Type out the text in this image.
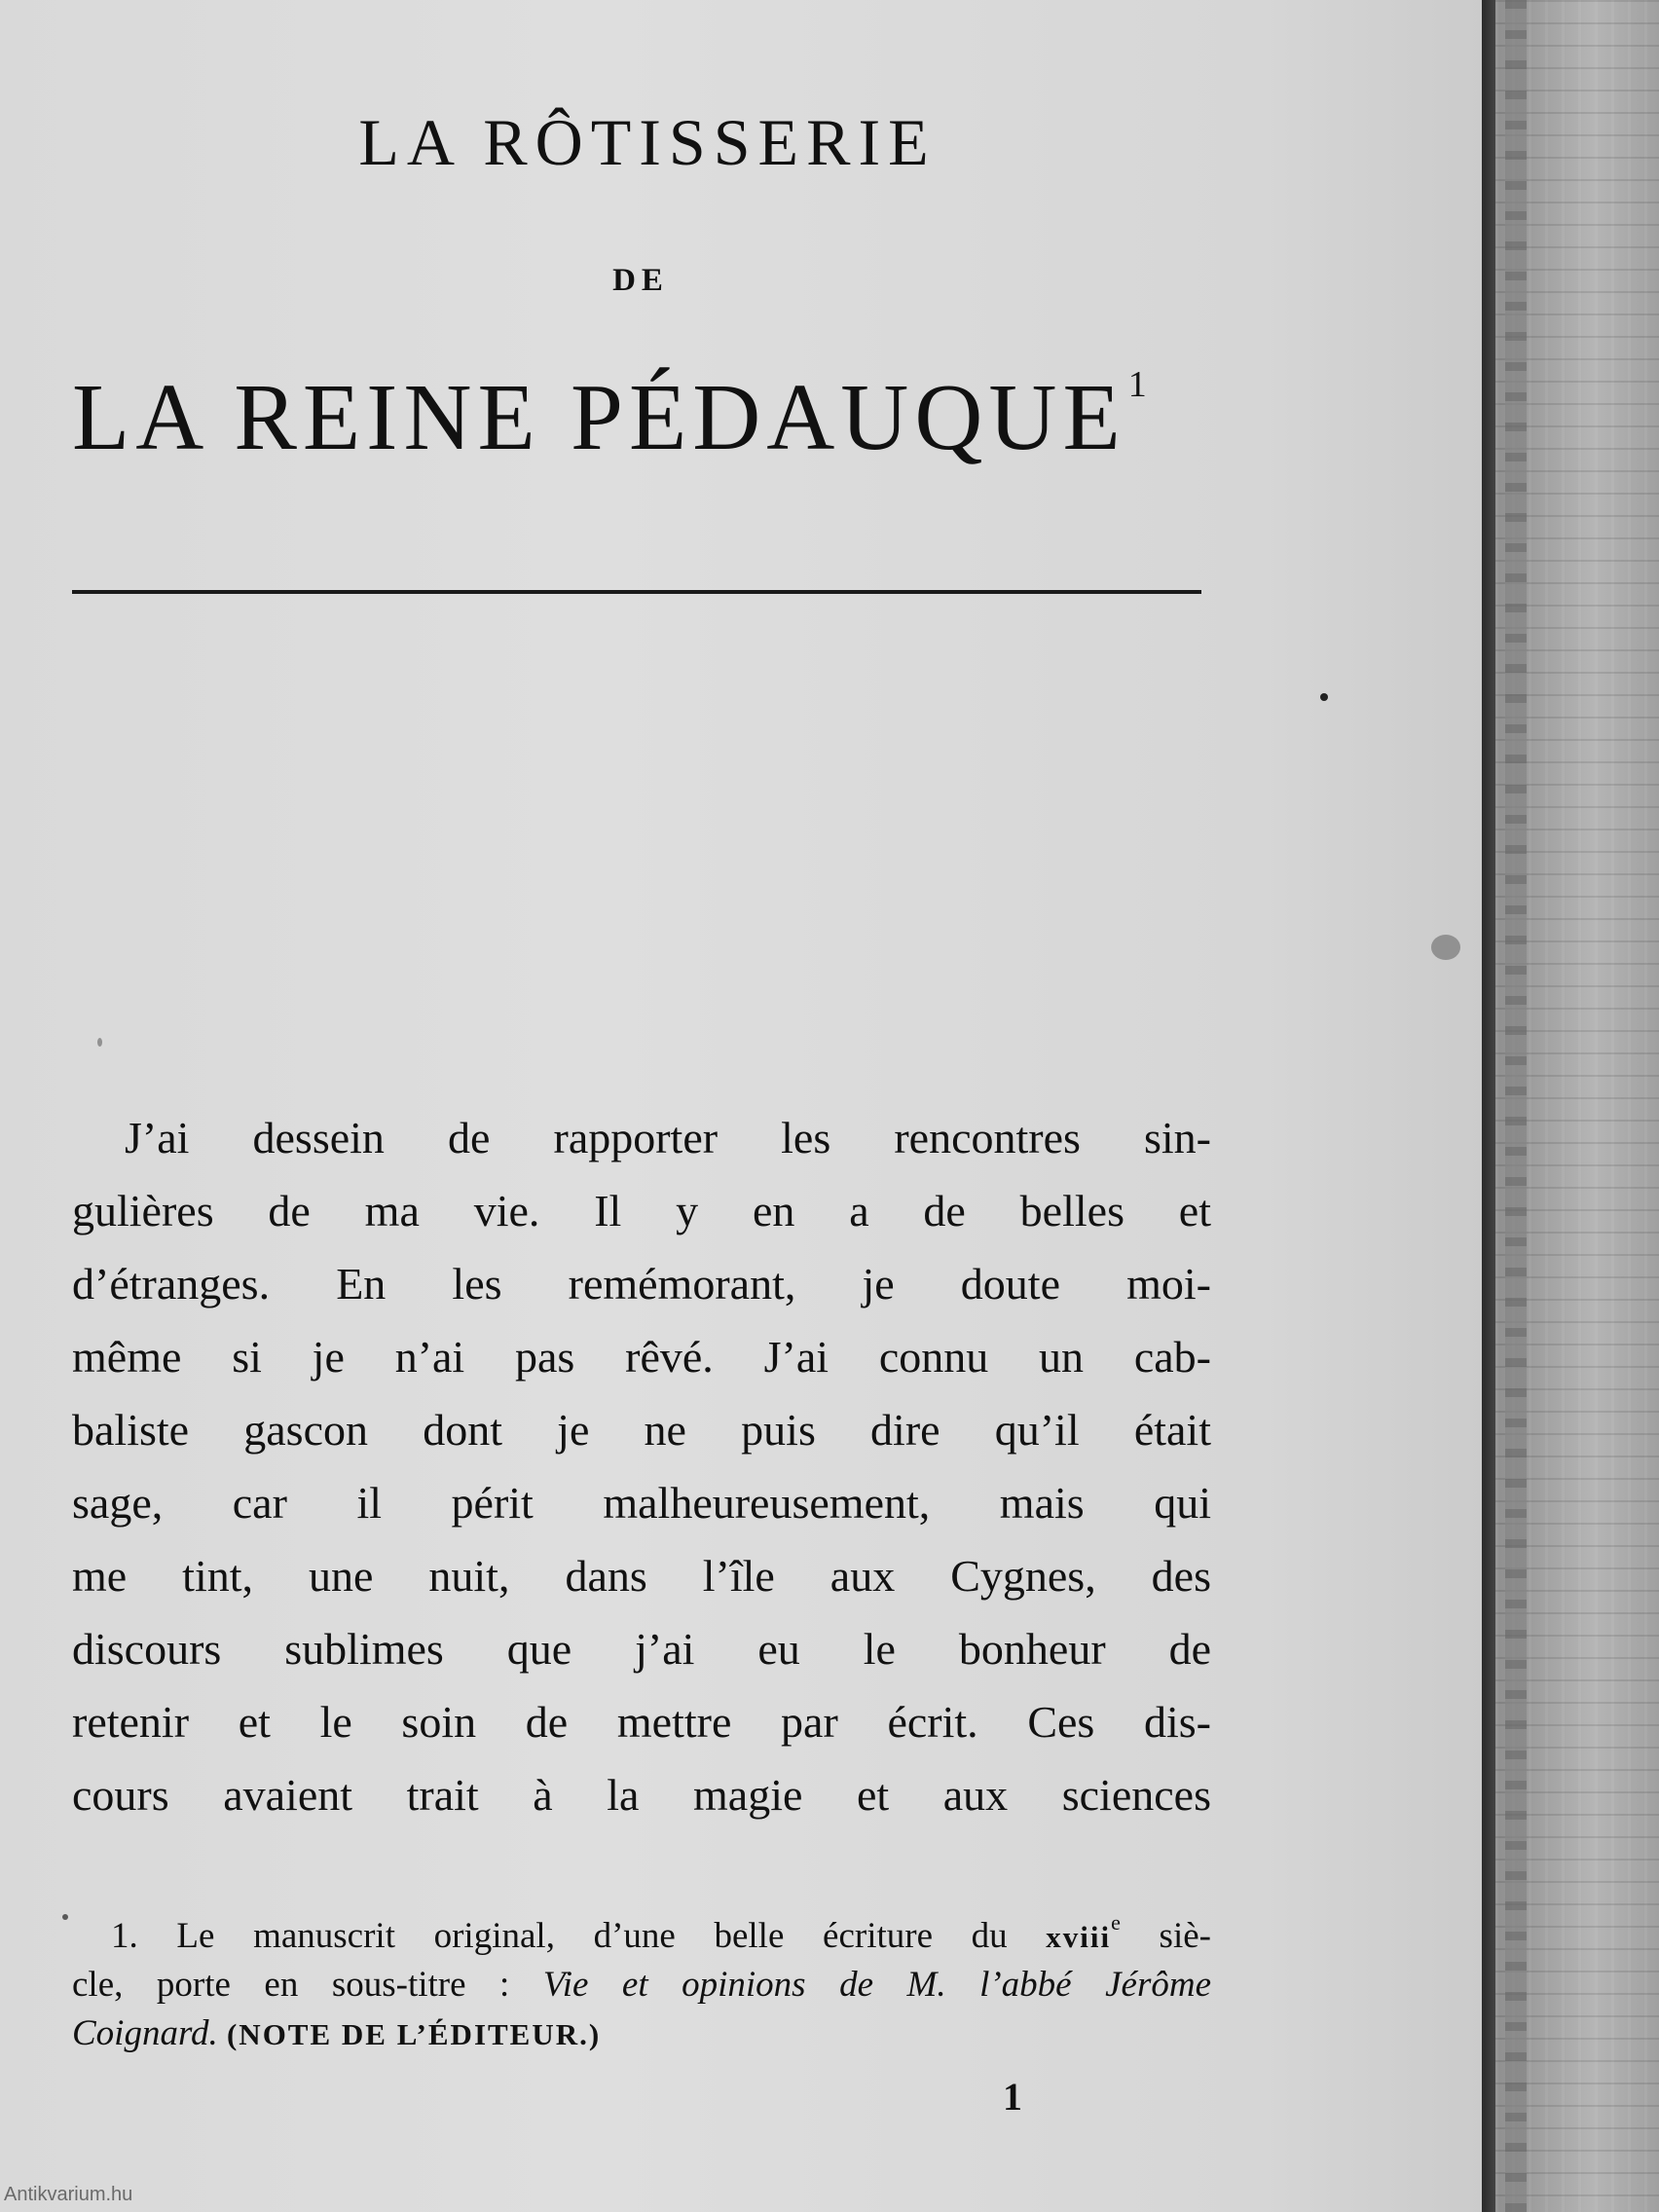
LA RÔTISSERIE
DE
LA REINE PÉDAUQUE$^1$
J’ai dessein de rapporter les rencontres sin-
gulières de ma vie. Il y en a de belles et
d’étranges. En les remémorant, je doute moi-
même si je n’ai pas rêvé. J’ai connu un cab-
baliste gascon dont je ne puis dire qu’il était
sage, car il périt malheureusement, mais qui
me tint, une nuit, dans l’île aux Cygnes, des
discours sublimes que j’ai eu le bonheur de
retenir et le soin de mettre par écrit. Ces dis-
cours avaient trait à la magie et aux sciences
1. Le manuscrit original, d’une belle écriture du xviii$^e$ siè-
cle, porte en sous-titre : Vie et opinions de M. l’abbé Jérôme
Coignard. (NOTE DE L’ÉDITEUR.)
1
Antikvarium.hu
